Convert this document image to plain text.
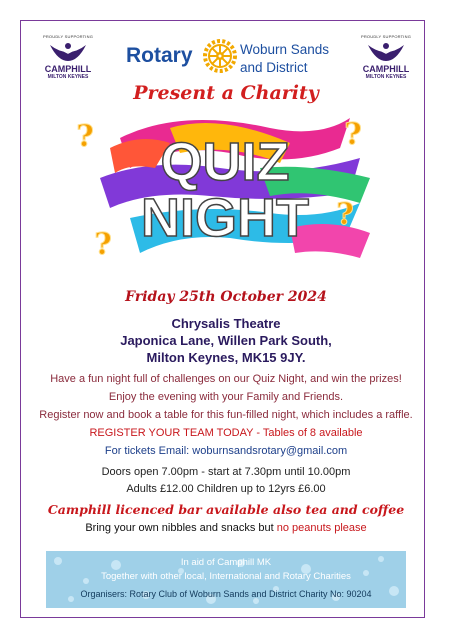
PROUDLY SUPPORTING
CAMPHILL
MILTON KEYNES
PROUDLY SUPPORTING
CAMPHILL
MILTON KEYNES
Rotary	Woburn Sands
and District
Present a Charity
QUIZ
NIGHT
?	?
?
?
Friday 25th October 2024
Chrysalis Theatre
Japonica Lane, Willen Park South,
Milton Keynes, MK15 9JY.
Have a fun night full of challenges on our Quiz Night, and win the prizes!
Enjoy the evening with your Family and Friends.
Register now and book a table for this fun-filled night, which includes a raffle.
REGISTER YOUR TEAM TODAY - Tables of 8 available
For tickets Email: woburnsandsrotary@gmail.com
Doors open 7.00pm - start at 7.30pm until 10.00pm
Adults £12.00 Children up to 12yrs £6.00
Camphill licenced bar available also tea and coffee
Bring your own nibbles and snacks but no peanuts please
In aid of Camphill MK
Together with other local, International and Rotary Charities
Organisers: Rotary Club of Woburn Sands and District Charity No: 90204
